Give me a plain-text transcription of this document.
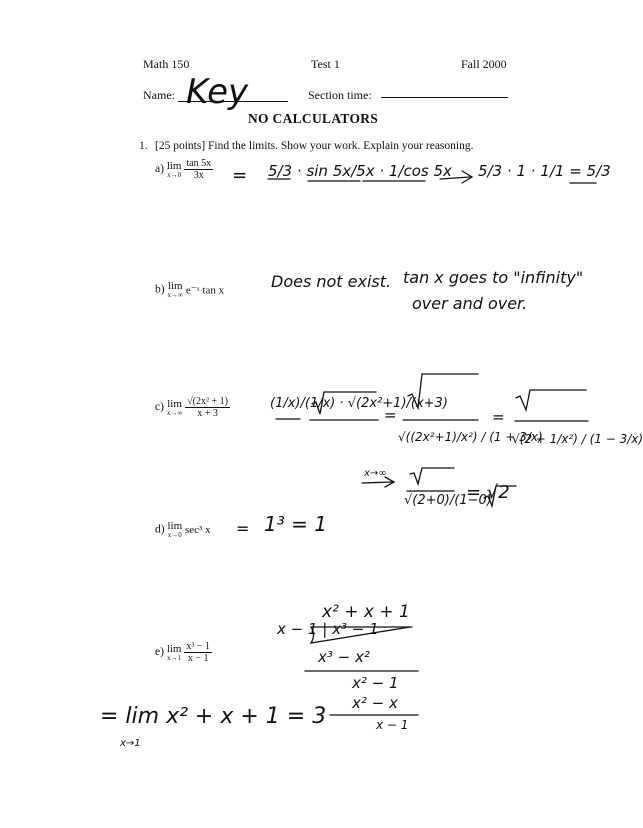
Math 150	Test 1	Fall 2000
Name: Key	Section time:
NO CALCULATORS
1. [25 points] Find the limits. Show your work. Explain your reasoning.
a) lim
x→0
$\frac{\tan 5x}{3x}$
b) lim
x→∞ e⁻ˣ tan x
c) lim
x→∞
$\frac{\text{√(2x² + 1)}}{x + 3}$
d) lim
x→0 sec³ x
e) lim
x→1
$\frac{\text{x³ − 1}}{x - 1}$
= 5/3 · sin 5x/5x · 1/cos 5x 5/3 · 1 · 1/1 = 5/3
Does not exist. tan x goes to "infinity"
over and over.
(1/x)/(1/x) · √(2x²+1)/(x+3)
=
√((2x²+1)/x²) / (1 + 3/x)
=
√(2 + 1/x²) / (1 − 3/x)
x→∞
√(2+0)/(1−0)
= √2
= 1³ = 1
x² + x + 1
x − 1 | x³ − 1
x³ − x²
x² − 1
x² − x
x − 1
= lim x² + x + 1 = 3
x→1
